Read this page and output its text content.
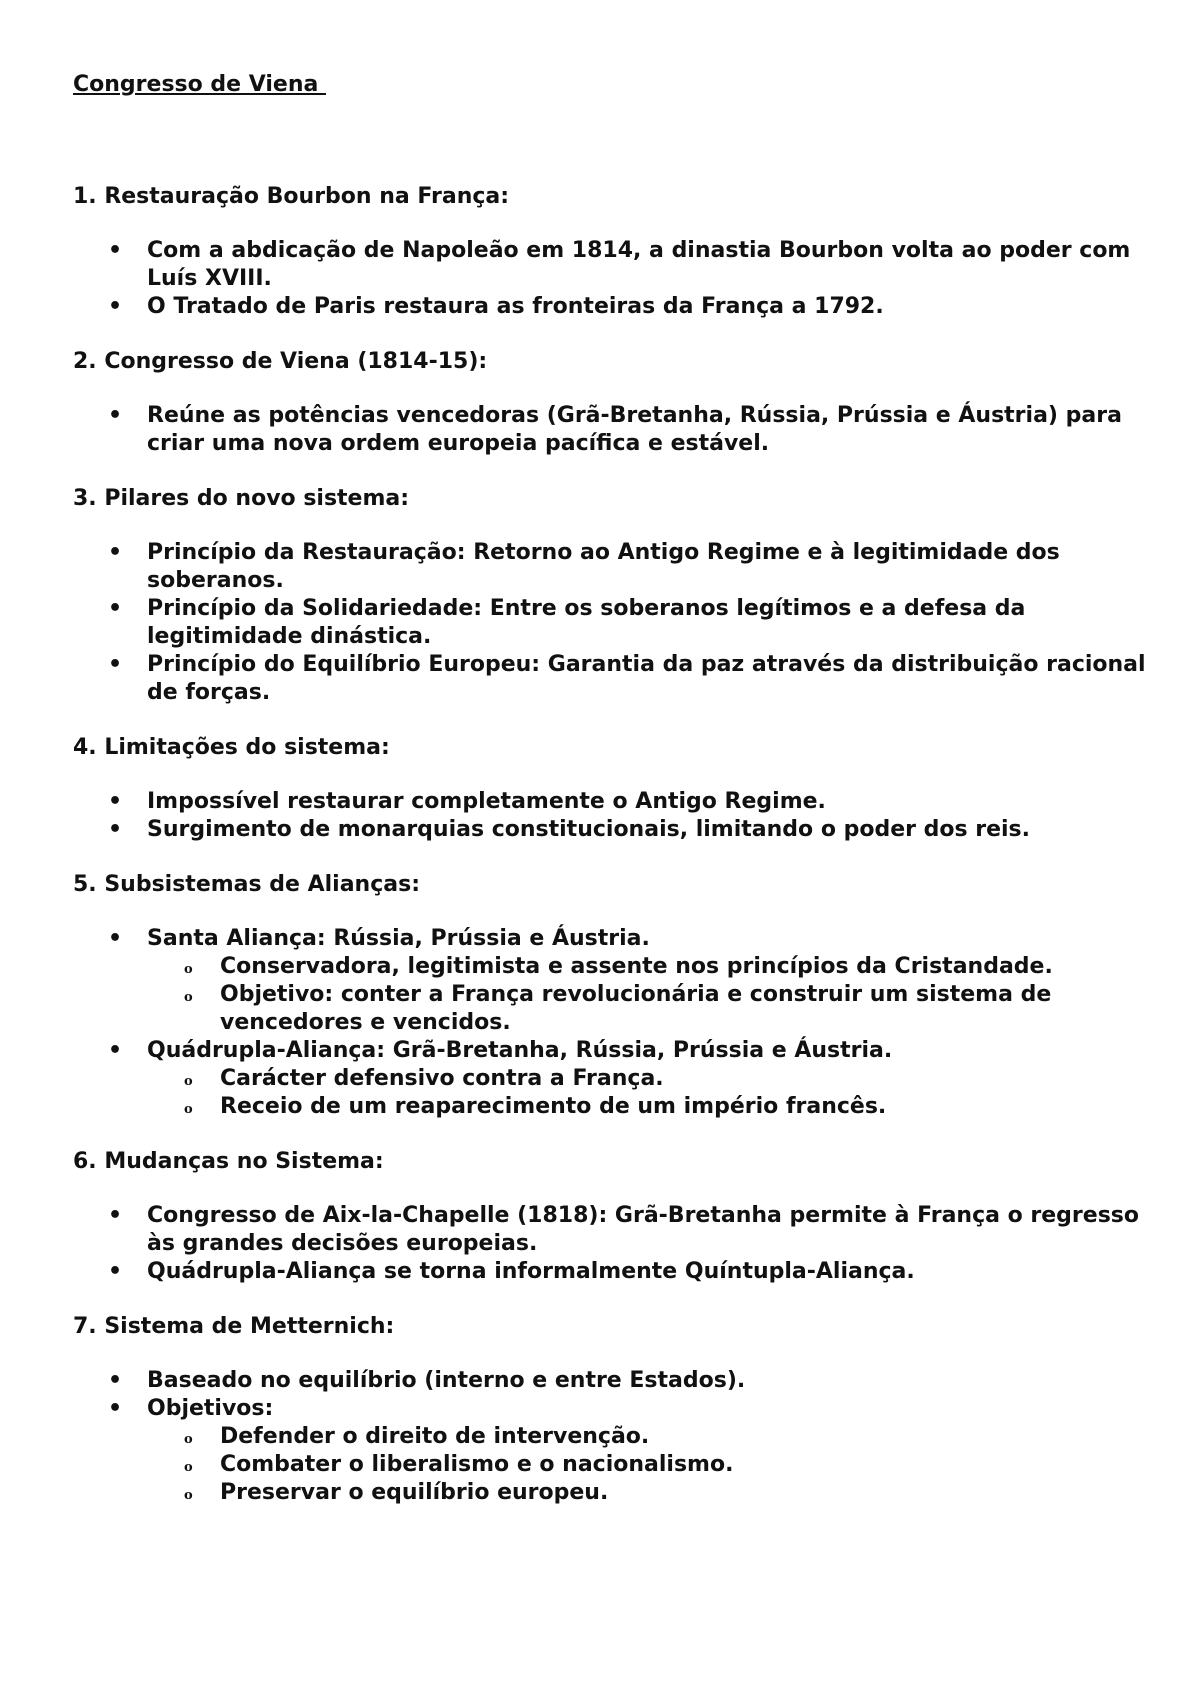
Congresso de Viena
1. Restauração Bourbon na França:
• Com a abdicação de Napoleão em 1814, a dinastia Bourbon volta ao poder com Luís XVIII.
• O Tratado de Paris restaura as fronteiras da França a 1792.
2. Congresso de Viena (1814-15):
• Reúne as potências vencedoras (Grã-Bretanha, Rússia, Prússia e Áustria) para criar uma nova ordem europeia pacífica e estável.
3. Pilares do novo sistema:
• Princípio da Restauração: Retorno ao Antigo Regime e à legitimidade dos soberanos.
• Princípio da Solidariedade: Entre os soberanos legítimos e a defesa da legitimidade dinástica.
• Princípio do Equilíbrio Europeu: Garantia da paz através da distribuição racional de forças.
4. Limitações do sistema:
• Impossível restaurar completamente o Antigo Regime.
• Surgimento de monarquias constitucionais, limitando o poder dos reis.
5. Subsistemas de Alianças:
• Santa Aliança: Rússia, Prússia e Áustria.
o Conservadora, legitimista e assente nos princípios da Cristandade.
o Objetivo: conter a França revolucionária e construir um sistema de vencedores e vencidos.
• Quádrupla-Aliança: Grã-Bretanha, Rússia, Prússia e Áustria.
o Carácter defensivo contra a França.
o Receio de um reaparecimento de um império francês.
6. Mudanças no Sistema:
• Congresso de Aix-la-Chapelle (1818): Grã-Bretanha permite à França o regresso às grandes decisões europeias.
• Quádrupla-Aliança se torna informalmente Quíntupla-Aliança.
7. Sistema de Metternich:
• Baseado no equilíbrio (interno e entre Estados).
• Objetivos:
o Defender o direito de intervenção.
o Combater o liberalismo e o nacionalismo.
o Preservar o equilíbrio europeu.
